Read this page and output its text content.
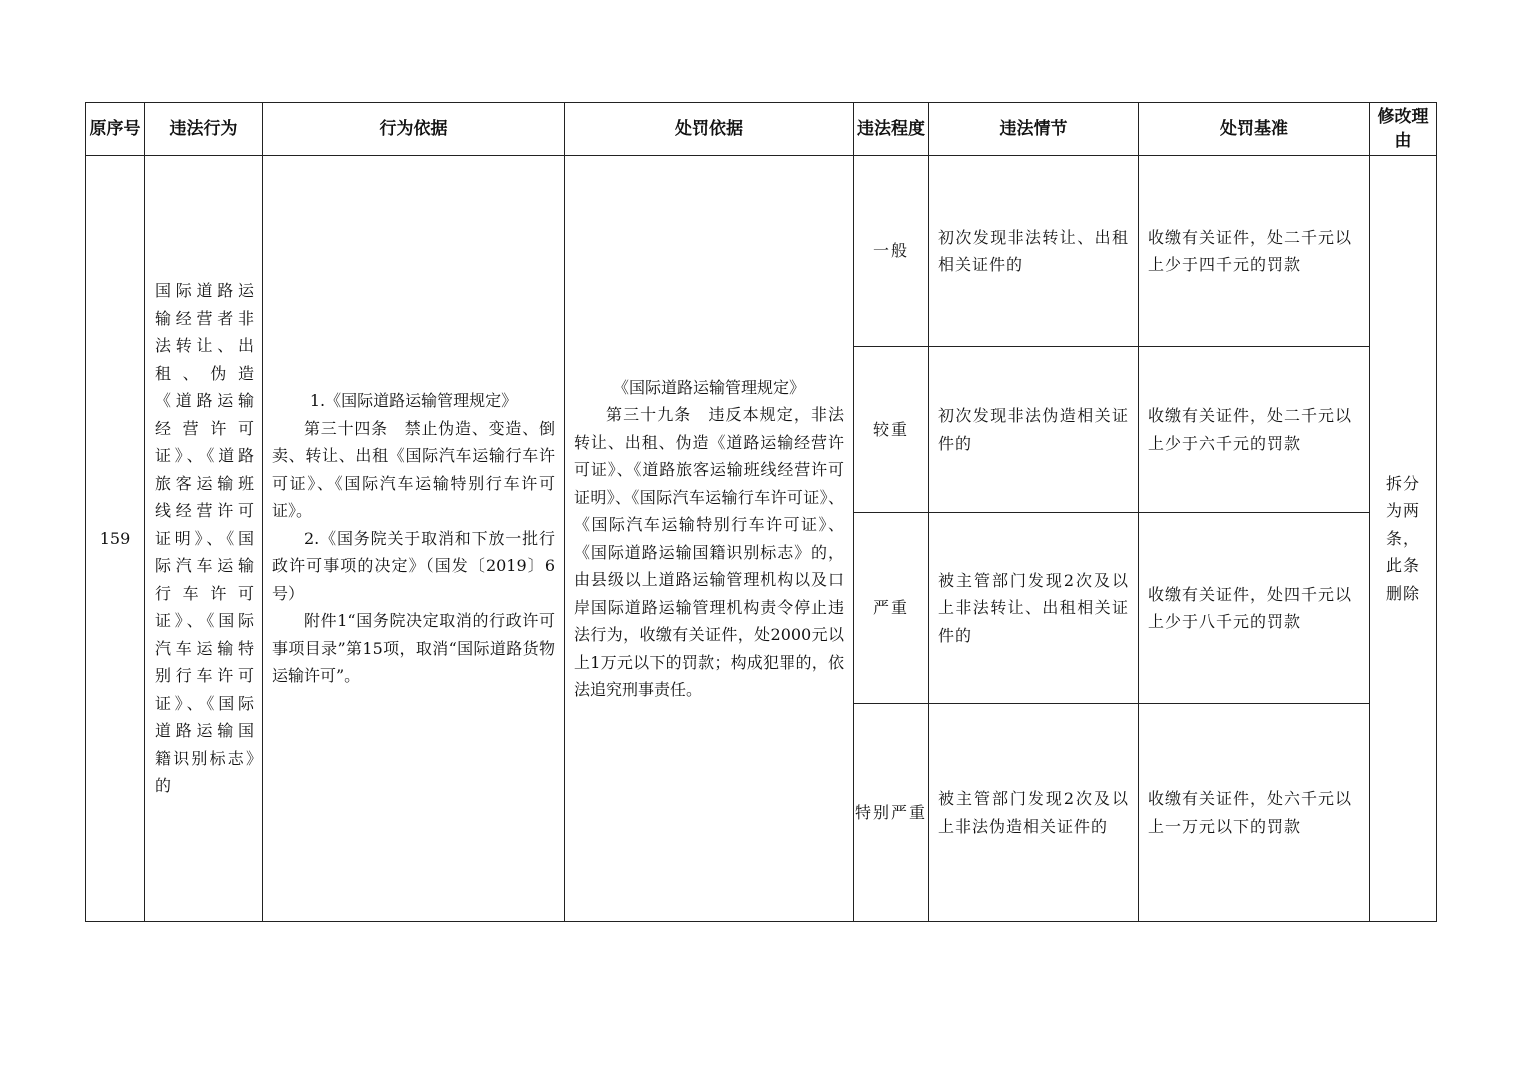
原序号	违法行为	行为依据	处罚依据	违法程度	违法情节	处罚基准	修改理由
159	国际道路运输经营者非法转让、出租、伪造《道路运输经营许可证》、《道路旅客运输班线经营许可证明》、《国际汽车运输行车许可证》、《国际汽车运输特别行车许可证》、《国际道路运输国籍识别标志》的	1.《国际道路运输管理规定》
第三十四条　禁止伪造、变造、倒卖、转让、出租《国际汽车运输行车许可证》、《国际汽车运输特别行车许可证》。
2.《国务院关于取消和下放一批行政许可事项的决定》（国发〔2019〕6号）
附件1“国务院决定取消的行政许可事项目录”第15项，取消“国际道路货物运输许可”。	《国际道路运输管理规定》
第三十九条　违反本规定，非法转让、出租、伪造《道路运输经营许可证》、《道路旅客运输班线经营许可证明》、《国际汽车运输行车许可证》、《国际汽车运输特别行车许可证》、《国际道路运输国籍识别标志》的，由县级以上道路运输管理机构以及口岸国际道路运输管理机构责令停止违法行为，收缴有关证件，处2000元以上1万元以下的罚款；构成犯罪的，依法追究刑事责任。	一般	初次发现非法转让、出租相关证件的	收缴有关证件，处二千元以上少于四千元的罚款	拆分为两条，此条删除
				较重	初次发现非法伪造相关证件的	收缴有关证件，处二千元以上少于六千元的罚款	
				严重	被主管部门发现2次及以上非法转让、出租相关证件的	收缴有关证件，处四千元以上少于八千元的罚款	
				特别严重	被主管部门发现2次及以上非法伪造相关证件的	收缴有关证件，处六千元以上一万元以下的罚款	
